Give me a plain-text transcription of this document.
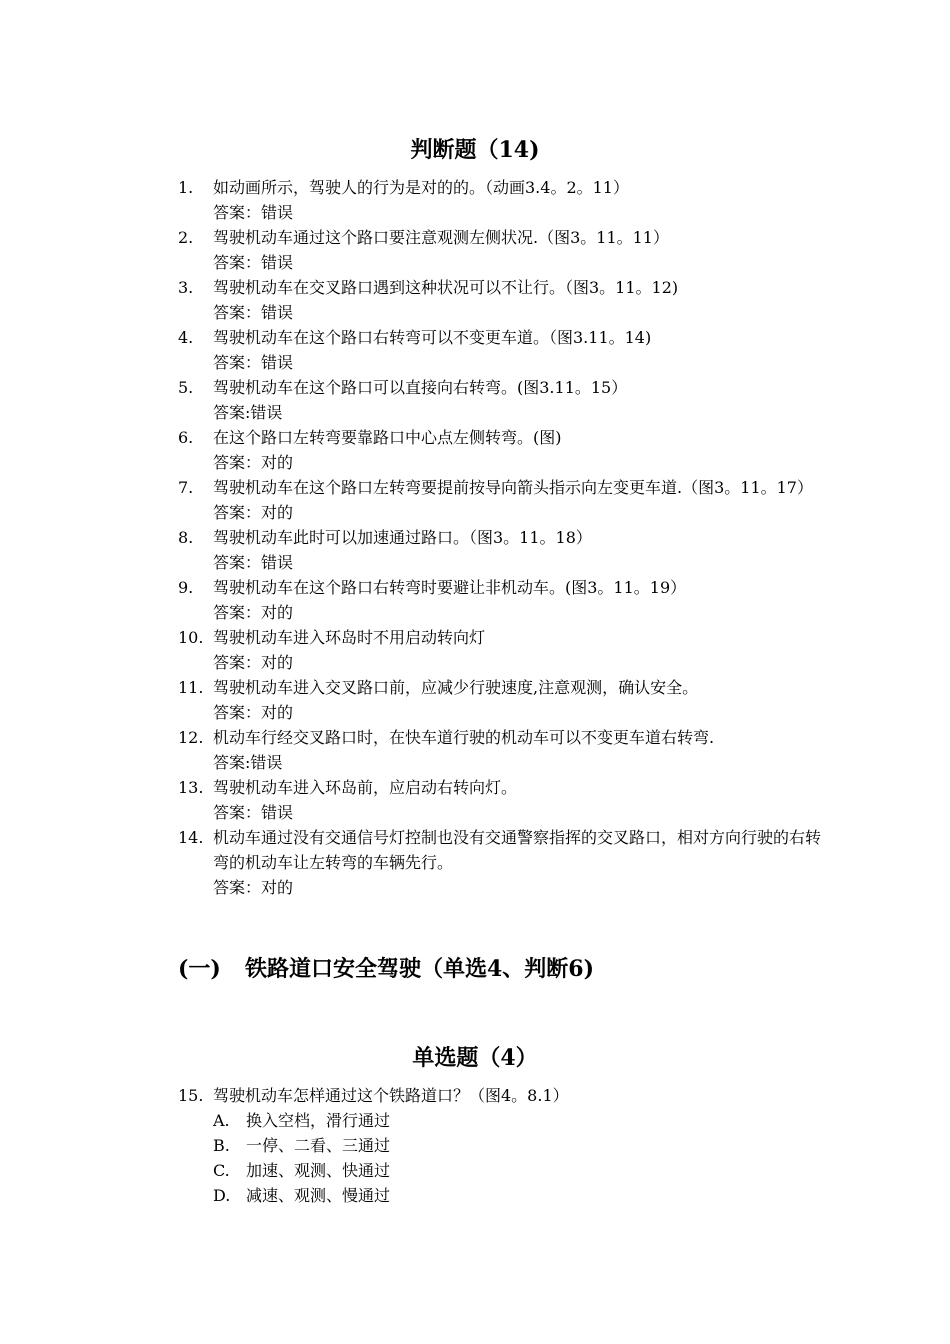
判断题（14)
1.	如动画所示，驾驶人的行为是对的的。（动画3.4。2。11）
答案：错误
2.	驾驶机动车通过这个路口要注意观测左侧状况.（图3。11。11）
答案：错误
3.	驾驶机动车在交叉路口遇到这种状况可以不让行。（图3。11。12)
答案：错误
4.	驾驶机动车在这个路口右转弯可以不变更车道。（图3.11。14)
答案：错误
5.	驾驶机动车在这个路口可以直接向右转弯。(图3.11。15）
答案:错误
6.	在这个路口左转弯要靠路口中心点左侧转弯。(图)
答案：对的
7.	驾驶机动车在这个路口左转弯要提前按导向箭头指示向左变更车道.（图3。11。17）
答案：对的
8.	驾驶机动车此时可以加速通过路口。（图3。11。18）
答案：错误
9.	驾驶机动车在这个路口右转弯时要避让非机动车。(图3。11。19）
答案：对的
10. 驾驶机动车进入环岛时不用启动转向灯
答案：对的
11. 驾驶机动车进入交叉路口前，应减少行驶速度,注意观测，确认安全。
答案：对的
12. 机动车行经交叉路口时，在快车道行驶的机动车可以不变更车道右转弯.
答案:错误
13. 驾驶机动车进入环岛前，应启动右转向灯。
答案：错误
14. 机动车通过没有交通信号灯控制也没有交通警察指挥的交叉路口，相对方向行驶的右转弯的机动车让左转弯的车辆先行。
答案：对的
(一) 铁路道口安全驾驶（单选4、判断6)
单选题（4）
15. 驾驶机动车怎样通过这个铁路道口？（图4。8.1）
A. 换入空档，滑行通过
B. 一停、二看、三通过
C. 加速、观测、快通过
D. 减速、观测、慢通过
